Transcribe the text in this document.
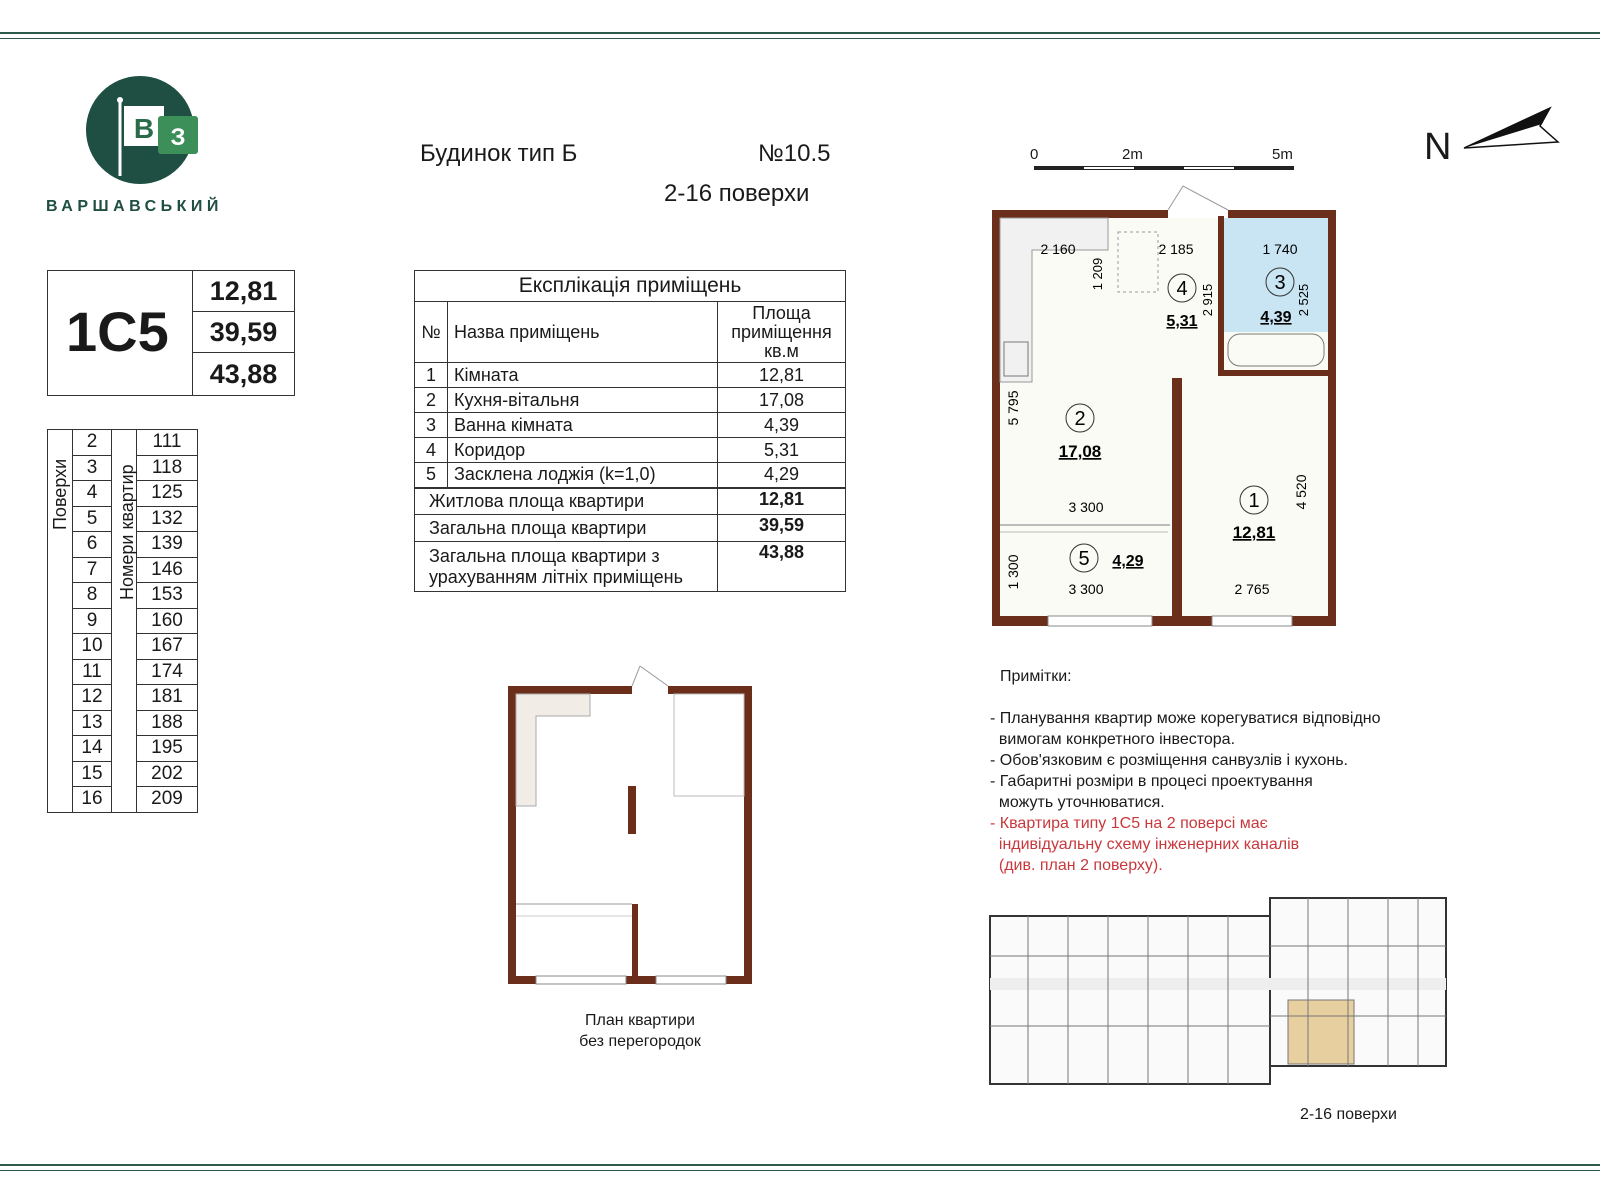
В З
ВАРШАВСЬКИЙ
Будинок тип Б	№10.5
2-16 поверхи
1С5
12,81
39,59
43,88
	2		111
	3		118
	4		125
	5		132
	6		139
	7		146
	8		153
	9		160
	10		167
	11		174
	12		181
	13		188
	14		195
	15		202
	16		209
Поверхи	Номери квартир
Експлікація приміщень		
№	Назва приміщень	Площа приміщення кв.м
1	Кімната	12,81
2	Кухня-вітальня	17,08
3	Ванна кімната	4,39
4	Коридор	5,31
5	Засклена лоджія (k=1,0)	4,29
Житлова площа квартири		12,81
Загальна площа квартири		39,59
Загальна площа квартири з урахуванням літніх приміщень		43,88
0	2m	5m	N
2
17,08
1
12,81
3
4,39
4
5,31
5 4,29
2 160	2 185	1 740
1 209
2 915	2 525
5 795
3 300	4 520
1 300	3 300	2 765
План квартири
без перегородок
Примітки:
- Планування квартир може корегуватися відповідно
вимогам конкретного інвестора.
- Обов'язковим є розміщення санвузлів і кухонь.
- Габаритні розміри в процесі проектування
можуть уточнюватися.
- Квартира типу 1С5 на 2 поверсі має
індивідуальну схему інженерних каналів
(див. план 2 поверху).
2-16 поверхи
